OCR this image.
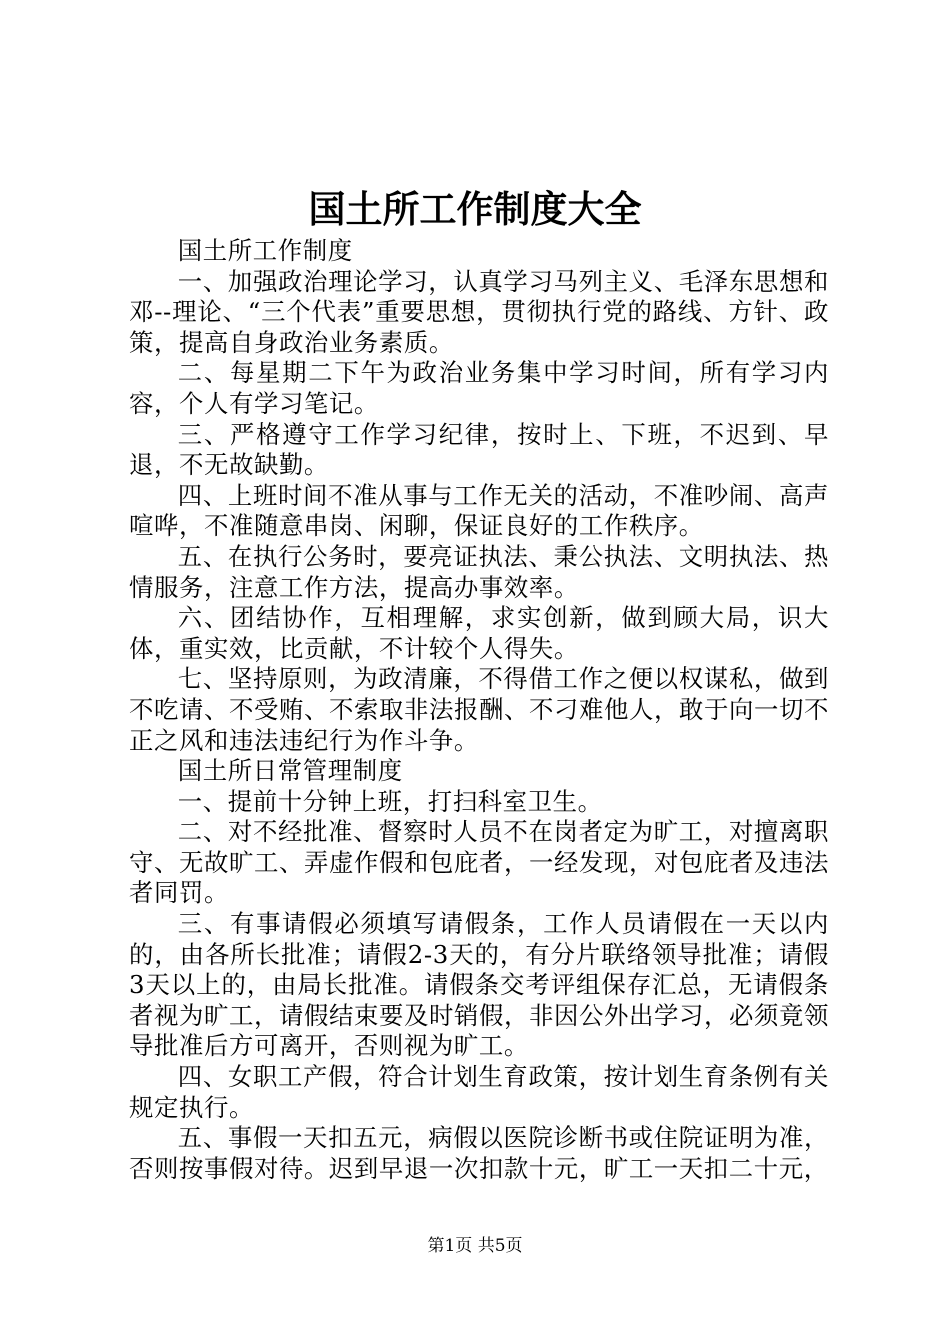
国土所工作制度大全

国土所工作制度

一、加强政治理论学习，认真学习马列主义、毛泽东思想和邓--理论、“三个代表”重要思想，贯彻执行党的路线、方针、政策，提高自身政治业务素质。

二、每星期二下午为政治业务集中学习时间，所有学习内容，个人有学习笔记。

三、严格遵守工作学习纪律，按时上、下班，不迟到、早退，不无故缺勤。

四、上班时间不准从事与工作无关的活动，不准吵闹、高声喧哗，不准随意串岗、闲聊，保证良好的工作秩序。

五、在执行公务时，要亮证执法、秉公执法、文明执法、热情服务，注意工作方法，提高办事效率。

六、团结协作，互相理解，求实创新，做到顾大局，识大体，重实效，比贡献，不计较个人得失。

七、坚持原则，为政清廉，不得借工作之便以权谋私，做到不吃请、不受贿、不索取非法报酬、不刁难他人，敢于向一切不正之风和违法违纪行为作斗争。

国土所日常管理制度

一、提前十分钟上班，打扫科室卫生。

二、对不经批准、督察时人员不在岗者定为旷工，对擅离职守、无故旷工、弄虚作假和包庇者，一经发现，对包庇者及违法者同罚。

三、有事请假必须填写请假条，工作人员请假在一天以内的，由各所长批准；请假2-3天的，有分片联络领导批准；请假3天以上的，由局长批准。请假条交考评组保存汇总，无请假条者视为旷工，请假结束要及时销假，非因公外出学习，必须竟领导批准后方可离开，否则视为旷工。

四、女职工产假，符合计划生育政策，按计划生育条例有关规定执行。

五、事假一天扣五元，病假以医院诊断书或住院证明为准，否则按事假对待。迟到早退一次扣款十元，旷工一天扣二十元，

第1页 共5页
